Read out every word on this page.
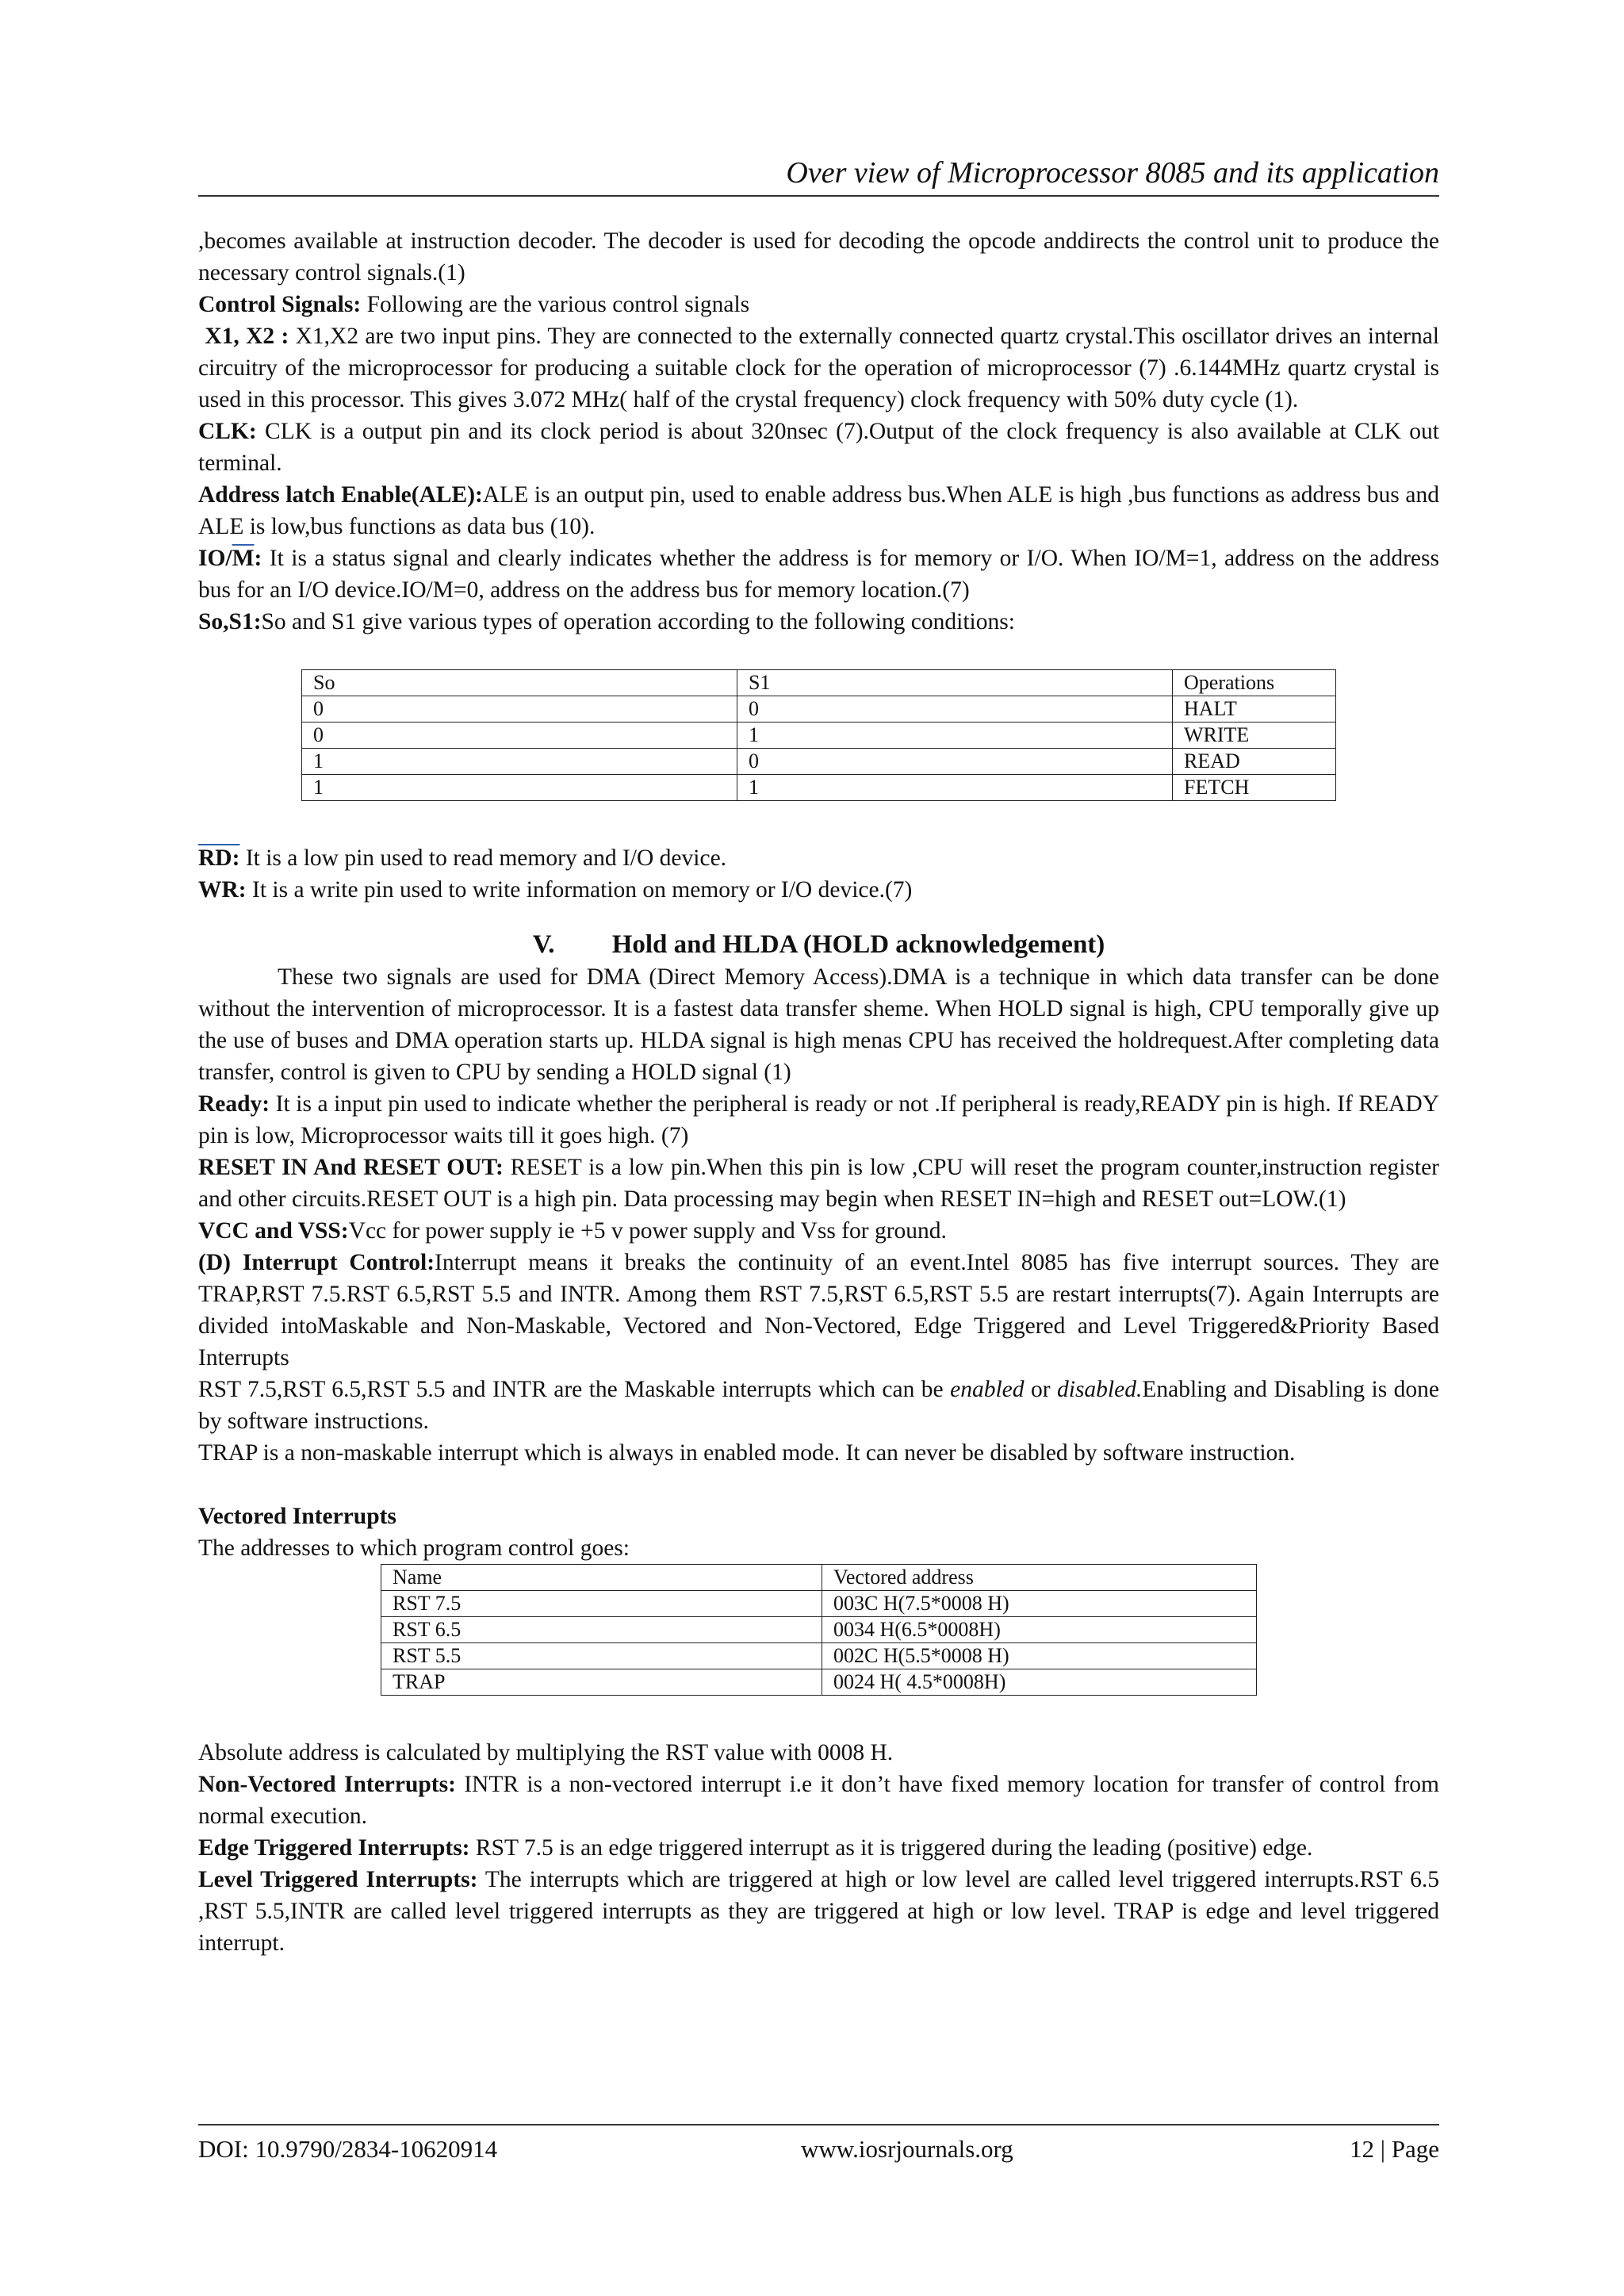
Over view of Microprocessor 8085 and its application

,becomes available at instruction decoder. The decoder is used for decoding the opcode anddirects the control unit to produce the necessary control signals.(1)

Control Signals: Following are the various control signals

X1, X2 : X1,X2 are two input pins. They are connected to the externally connected quartz crystal.This oscillator drives an internal circuitry of the microprocessor for producing a suitable clock for the operation of microprocessor (7) .6.144MHz quartz crystal is used in this processor. This gives 3.072 MHz( half of the crystal frequency) clock frequency with 50% duty cycle (1).

CLK: CLK is a output pin and its clock period is about 320nsec (7).Output of the clock frequency is also available at CLK out terminal.

Address latch Enable(ALE):ALE is an output pin, used to enable address bus.When ALE is high ,bus functions as address bus and ALE is low,bus functions as data bus (10).

$IO/\overline{M}$: It is a status signal and clearly indicates whether the address is for memory or I/O. When IO/M=1, address on the address bus for an I/O device.IO/M=0, address on the address bus for memory location.(7)

So,S1:So and S1 give various types of operation according to the following conditions:

So	S1	Operations
0	0	HALT
0	1	WRITE
1	0	READ
1	1	FETCH

RD: It is a low pin used to read memory and I/O device.

WR: It is a write pin used to write information on memory or I/O device.(7)

V. Hold and HLDA (HOLD acknowledgement)

These two signals are used for DMA (Direct Memory Access).DMA is a technique in which data transfer can be done without the intervention of microprocessor. It is a fastest data transfer sheme. When HOLD signal is high, CPU temporally give up the use of buses and DMA operation starts up. HLDA signal is high menas CPU has received the holdrequest.After completing data transfer, control is given to CPU by sending a HOLD signal (1)

Ready: It is a input pin used to indicate whether the peripheral is ready or not .If peripheral is ready,READY pin is high. If READY pin is low, Microprocessor waits till it goes high. (7)

RESET IN And RESET OUT: RESET is a low pin.When this pin is low ,CPU will reset the program counter,instruction register and other circuits.RESET OUT is a high pin. Data processing may begin when RESET IN=high and RESET out=LOW.(1)

VCC and VSS:Vcc for power supply ie +5 v power supply and Vss for ground.

(D) Interrupt Control:Interrupt means it breaks the continuity of an event.Intel 8085 has five interrupt sources. They are TRAP,RST 7.5.RST 6.5,RST 5.5 and INTR. Among them RST 7.5,RST 6.5,RST 5.5 are restart interrupts(7). Again Interrupts are divided intoMaskable and Non-Maskable, Vectored and Non-Vectored, Edge Triggered and Level Triggered&Priority Based Interrupts

RST 7.5,RST 6.5,RST 5.5 and INTR are the Maskable interrupts which can be enabled or disabled.Enabling and Disabling is done by software instructions.

TRAP is a non-maskable interrupt which is always in enabled mode. It can never be disabled by software instruction.

Vectored Interrupts

The addresses to which program control goes:

Name	Vectored address
RST 7.5	003C H(7.5*0008 H)
RST 6.5	0034 H(6.5*0008H)
RST 5.5	002C H(5.5*0008 H)
TRAP	0024 H( 4.5*0008H)

Absolute address is calculated by multiplying the RST value with 0008 H.

Non-Vectored Interrupts: INTR is a non-vectored interrupt i.e it don’t have fixed memory location for transfer of control from normal execution.

Edge Triggered Interrupts: RST 7.5 is an edge triggered interrupt as it is triggered during the leading (positive) edge.

Level Triggered Interrupts: The interrupts which are triggered at high or low level are called level triggered interrupts.RST 6.5 ,RST 5.5,INTR are called level triggered interrupts as they are triggered at high or low level. TRAP is edge and level triggered interrupt.

DOI: 10.9790/2834-10620914	www.iosrjournals.org	12 | Page
